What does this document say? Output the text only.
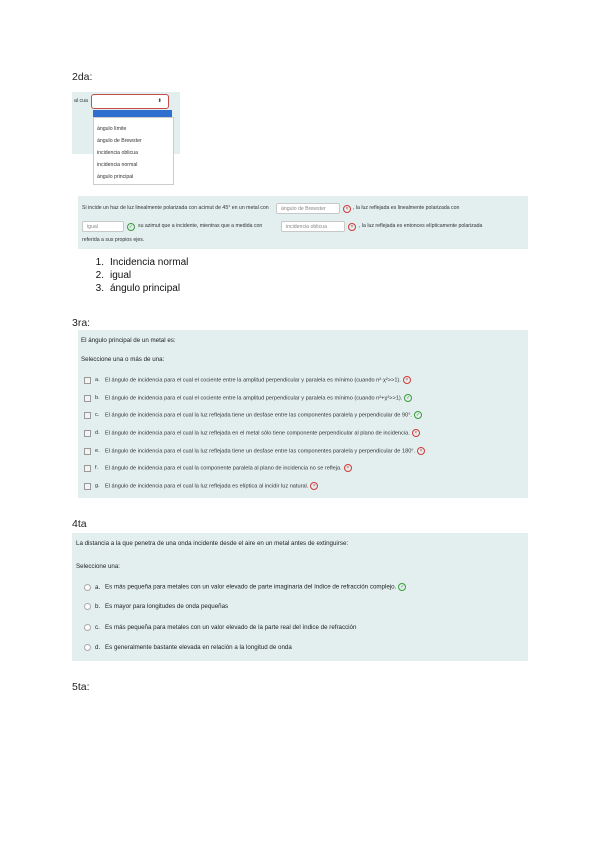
2da:
al cua	⬍
ángulo límite
ángulo de Brewster
incidencia oblicua
incidencia normal
ángulo principal
Si incide un haz de luz linealmente polarizada con acimut de 45° en un metal con ángulo de Brewster	× , la luz reflejada es linealmente polarizada con
igual	✓ su azimut que a incidente, mientras que a medida con	incidencia oblicua	×	, la luz reflejada es entonces elípticamente polarizada
referida a sus propios ejes.
1. Incidencia normal
2. igual
3. ángulo principal
3ra:
El ángulo principal de un metal es:
Seleccione una o más de una:
a. El ángulo de incidencia para el cual el cociente entre la amplitud perpendicular y paralela es mínimo (cuando n²·χ²>>1). ×
b. El ángulo de incidencia para el cual el cociente entre la amplitud perpendicular y paralela es mínimo (cuando n²+χ²>>1). ✓
c. El ángulo de incidencia para el cual la luz reflejada tiene un desfase entre las componentes paralela y perpendicular de 90°. ✓
d. El ángulo de incidencia para el cual la luz reflejada en el metal sólo tiene componente perpendicular al plano de incidencia. ×
e. El ángulo de incidencia para el cual la luz reflejada tiene un desfase entre las componentes paralela y perpendicular de 180°. ×
f. El ángulo de incidencia para el cual la componente paralela al plano de incidencia no se refleja. ×
g. El ángulo de incidencia para el cual la luz reflejada es elíptica al incidir luz natural. ×
4ta
La distancia a la que penetra de una onda incidente desde el aire en un metal antes de extinguirse:
Seleccione una:
a. Es más pequeña para metales con un valor elevado de parte imaginaria del índice de refracción complejo. ✓
b. Es mayor para longitudes de onda pequeñas
c. Es más pequeña para metales con un valor elevado de la parte real del índice de refracción
d. Es generalmente bastante elevada en relación a la longitud de onda
5ta:
